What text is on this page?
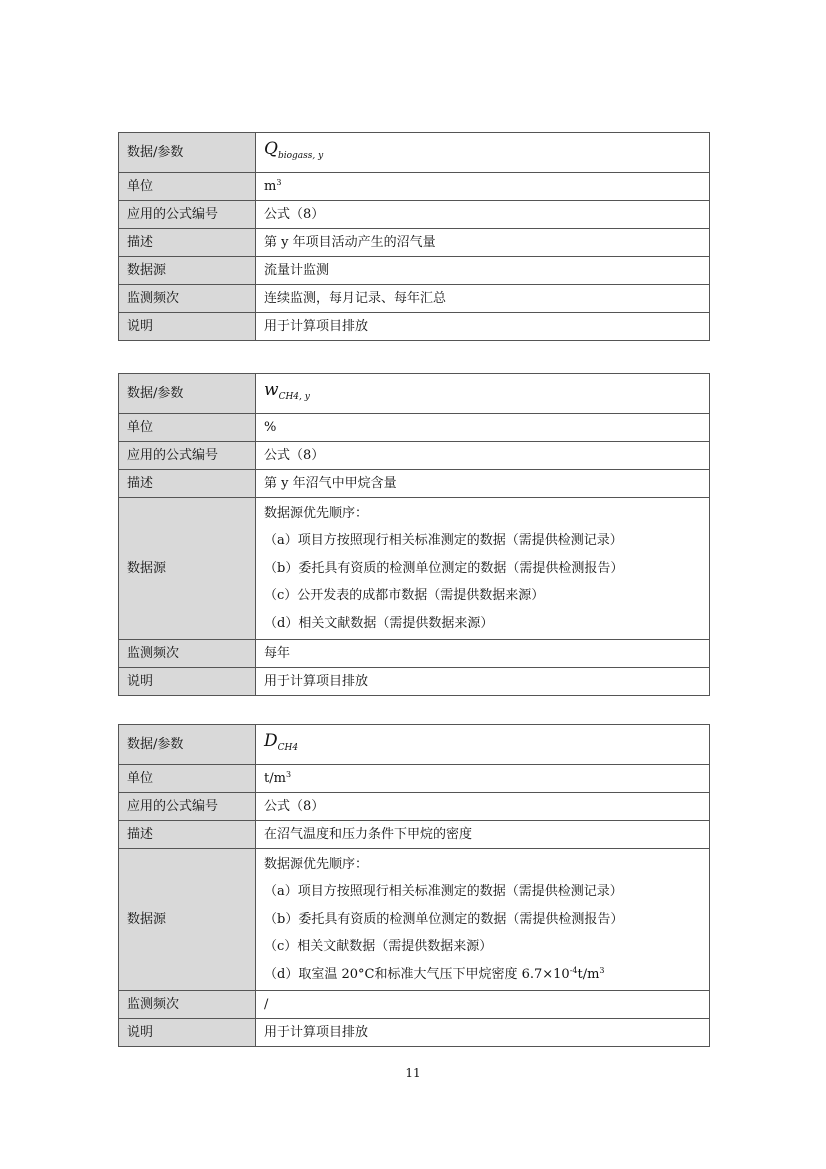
数据/参数	$Q_{biogass, y}$
单位	$m^3$
应用的公式编号	公式（8）
描述	第 y 年项目活动产生的沼气量
数据源	流量计监测
监测频次	连续监测，每月记录、每年汇总
说明	用于计算项目排放
数据/参数	$w_{CH4, y}$
单位	%
应用的公式编号	公式（8）
描述	第 y 年沼气中甲烷含量
数据源	数据源优先顺序：
（a）项目方按照现行相关标准测定的数据（需提供检测记录）
（b）委托具有资质的检测单位测定的数据（需提供检测报告）
（c）公开发表的成都市数据（需提供数据来源）
（d）相关文献数据（需提供数据来源）

监测频次	每年
说明	用于计算项目排放
数据/参数	$D_{CH4}$
单位	$t/m^3$
应用的公式编号	公式（8）
描述	在沼气温度和压力条件下甲烷的密度
数据源	数据源优先顺序：
（a）项目方按照现行相关标准测定的数据（需提供检测记录）
（b）委托具有资质的检测单位测定的数据（需提供检测报告）
（c）相关文献数据（需提供数据来源）
（d）取室温 20°C和标准大气压下甲烷密度 $6.7\times 10^{-4}t/m^3$

监测频次	/
说明	用于计算项目排放
11
